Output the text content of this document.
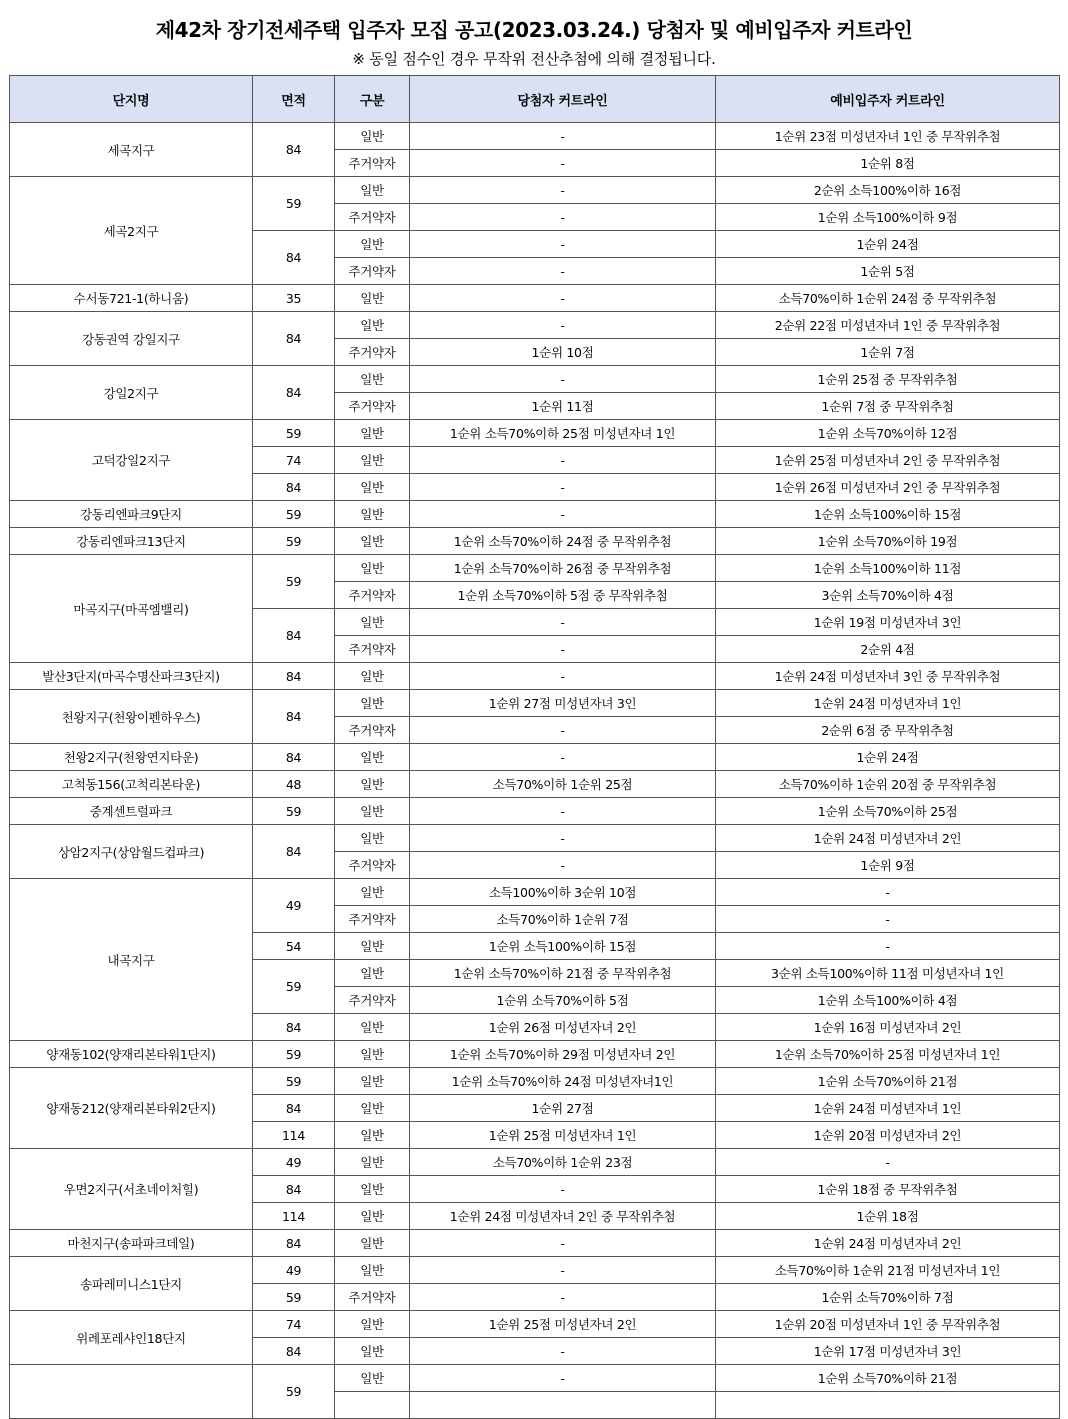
제42차 장기전세주택 입주자 모집 공고(2023.03.24.) 당첨자 및 예비입주자 커트라인
※ 동일 점수인 경우 무작위 전산추첨에 의해 결정됩니다.
단지명	면적	구분	당첨자 커트라인	예비입주자 커트라인
세곡지구	84	일반	-	1순위 23점 미성년자녀 1인 중 무작위추첨
		주거약자	-	1순위 8점
세곡2지구	59	일반	-	2순위 소득100%이하 16점
		주거약자	-	1순위 소득100%이하 9점
	84	일반	-	1순위 24점
		주거약자	-	1순위 5점
수서동721-1(하니움)	35	일반	-	소득70%이하 1순위 24점 중 무작위추첨
강동권역 강일지구	84	일반	-	2순위 22점 미성년자녀 1인 중 무작위추첨
		주거약자	1순위 10점	1순위 7점
강일2지구	84	일반	-	1순위 25점 중 무작위추첨
		주거약자	1순위 11점	1순위 7점 중 무작위추첨
고덕강일2지구	59	일반	1순위 소득70%이하 25점 미성년자녀 1인	1순위 소득70%이하 12점
	74	일반	-	1순위 25점 미성년자녀 2인 중 무작위추첨
	84	일반	-	1순위 26점 미성년자녀 2인 중 무작위추첨
강동리엔파크9단지	59	일반	-	1순위 소득100%이하 15점
강동리엔파크13단지	59	일반	1순위 소득70%이하 24점 중 무작위추첨	1순위 소득70%이하 19점
마곡지구(마곡엠밸리)	59	일반	1순위 소득70%이하 26점 중 무작위추첨	1순위 소득100%이하 11점
		주거약자	1순위 소득70%이하 5점 중 무작위추첨	3순위 소득70%이하 4점
	84	일반	-	1순위 19점 미성년자녀 3인
		주거약자	-	2순위 4점
발산3단지(마곡수명산파크3단지)	84	일반	-	1순위 24점 미성년자녀 3인 중 무작위추첨
천왕지구(천왕이펜하우스)	84	일반	1순위 27점 미성년자녀 3인	1순위 24점 미성년자녀 1인
		주거약자	-	2순위 6점 중 무작위추첨
천왕2지구(천왕연지타운)	84	일반	-	1순위 24점
고척동156(고척리본타운)	48	일반	소득70%이하 1순위 25점	소득70%이하 1순위 20점 중 무작위추첨
중계센트럴파크	59	일반	-	1순위 소득70%이하 25점
상암2지구(상암월드컵파크)	84	일반	-	1순위 24점 미성년자녀 2인
		주거약자	-	1순위 9점
내곡지구	49	일반	소득100%이하 3순위 10점	-
		주거약자	소득70%이하 1순위 7점	-
	54	일반	1순위 소득100%이하 15점	-
	59	일반	1순위 소득70%이하 21점 중 무작위추첨	3순위 소득100%이하 11점 미성년자녀 1인
		주거약자	1순위 소득70%이하 5점	1순위 소득100%이하 4점
	84	일반	1순위 26점 미성년자녀 2인	1순위 16점 미성년자녀 2인
양재동102(양재리본타워1단지)	59	일반	1순위 소득70%이하 29점 미성년자녀 2인	1순위 소득70%이하 25점 미성년자녀 1인
양재동212(양재리본타워2단지)	59	일반	1순위 소득70%이하 24점 미성년자녀1인	1순위 소득70%이하 21점
	84	일반	1순위 27점	1순위 24점 미성년자녀 1인
	114	일반	1순위 25점 미성년자녀 1인	1순위 20점 미성년자녀 2인
우면2지구(서초네이처힐)	49	일반	소득70%이하 1순위 23점	-
	84	일반	-	1순위 18점 중 무작위추첨
	114	일반	1순위 24점 미성년자녀 2인 중 무작위추첨	1순위 18점
마천지구(송파파크데일)	84	일반	-	1순위 24점 미성년자녀 2인
송파레미니스1단지	49	일반	-	소득70%이하 1순위 21점 미성년자녀 1인
	59	주거약자	-	1순위 소득70%이하 7점
위례포레샤인18단지	74	일반	1순위 25점 미성년자녀 2인	1순위 20점 미성년자녀 1인 중 무작위추첨
	84	일반	-	1순위 17점 미성년자녀 3인
	59	일반	-	1순위 소득70%이하 21점
